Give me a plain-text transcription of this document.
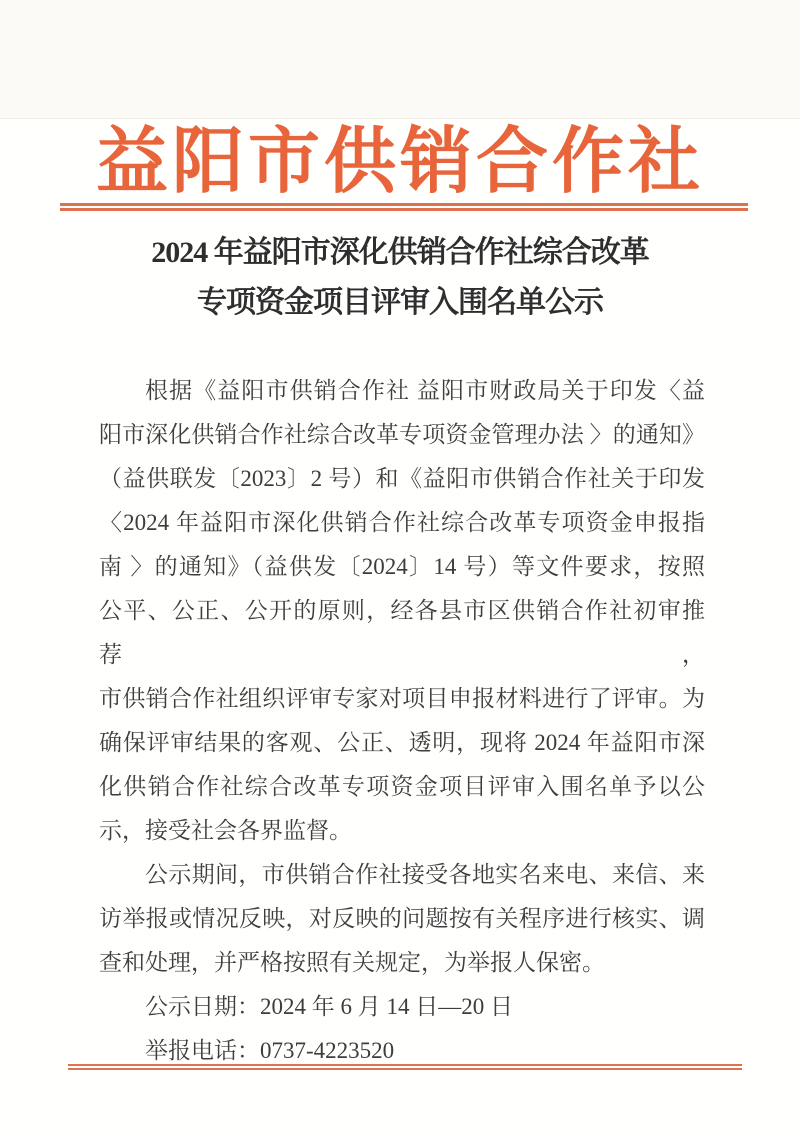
益阳市供销合作社
2024 年益阳市深化供销合作社综合改革
专项资金项目评审入围名单公示
根据《益阳市供销合作社 益阳市财政局关于印发〈益
阳市深化供销合作社综合改革专项资金管理办法 〉的通知》
（益供联发〔2023〕2 号）和《益阳市供销合作社关于印发
〈2024 年益阳市深化供销合作社综合改革专项资金申报指
南 〉的通知》（益供发〔2024〕14 号）等文件要求，按照
公平、公正、公开的原则，经各县市区供销合作社初审推荐，
市供销合作社组织评审专家对项目申报材料进行了评审。为
确保评审结果的客观、公正、透明，现将 2024 年益阳市深
化供销合作社综合改革专项资金项目评审入围名单予以公
示，接受社会各界监督。
公示期间，市供销合作社接受各地实名来电、来信、来
访举报或情况反映，对反映的问题按有关程序进行核实、调
查和处理，并严格按照有关规定，为举报人保密。
公示日期：2024 年 6 月 14 日—20 日
举报电话：0737-4223520
